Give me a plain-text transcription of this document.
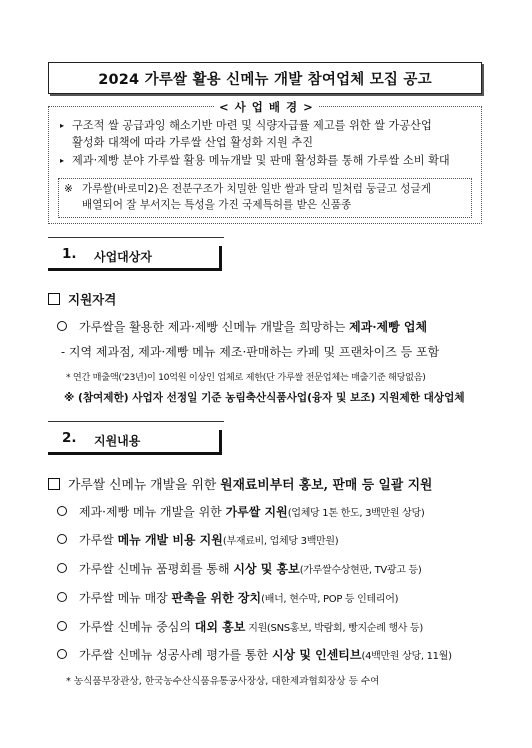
2024 가루쌀 활용 신메뉴 개발 참여업체 모집 공고
< 사 업 배 경 >
▸ 구조적 쌀 공급과잉 해소기반 마련 및 식량자급률 제고를 위한 쌀 가공산업
활성화 대책에 따라 가루쌀 산업 활성화 지원 추진
▸ 제과·제빵 분야 가루쌀 활용 메뉴개발 및 판매 활성화를 통해 가루쌀 소비 확대
※ 가루쌀(바로미2)은 전분구조가 치밀한 일반 쌀과 달리 밀처럼 둥글고 성글게
배열되어 잘 부서지는 특성을 가진 국제특허를 받은 신품종
1. 사업대상자
지원자격
가루쌀을 활용한 제과·제빵 신메뉴 개발을 희망하는 제과·제빵 업체
- 지역 제과점, 제과·제빵 메뉴 제조·판매하는 카페 및 프랜차이즈 등 포함
* 연간 매출액('23년)이 10억원 이상인 업체로 제한(단 가루쌀 전문업체는 매출기준 해당없음)
※ (참여제한) 사업자 선정일 기준 농림축산식품사업(융자 및 보조) 지원제한 대상업체
2. 지원내용
가루쌀 신메뉴 개발을 위한 원재료비부터 홍보, 판매 등 일괄 지원
제과·제빵 메뉴 개발을 위한 가루쌀 지원(업체당 1톤 한도, 3백만원 상당)
가루쌀 메뉴 개발 비용 지원(부재료비, 업체당 3백만원)
가루쌀 신메뉴 품평회를 통해 시상 및 홍보(가루쌀수상현판, TV광고 등)
가루쌀 메뉴 매장 판촉을 위한 장치(배너, 현수막, POP 등 인테리어)
가루쌀 신메뉴 중심의 대외 홍보 지원(SNS홍보, 박람회, 빵지순례 행사 등)
가루쌀 신메뉴 성공사례 평가를 통한 시상 및 인센티브(4백만원 상당, 11월)
* 농식품부장관상, 한국농수산식품유통공사장상, 대한제과협회장상 등 수여
